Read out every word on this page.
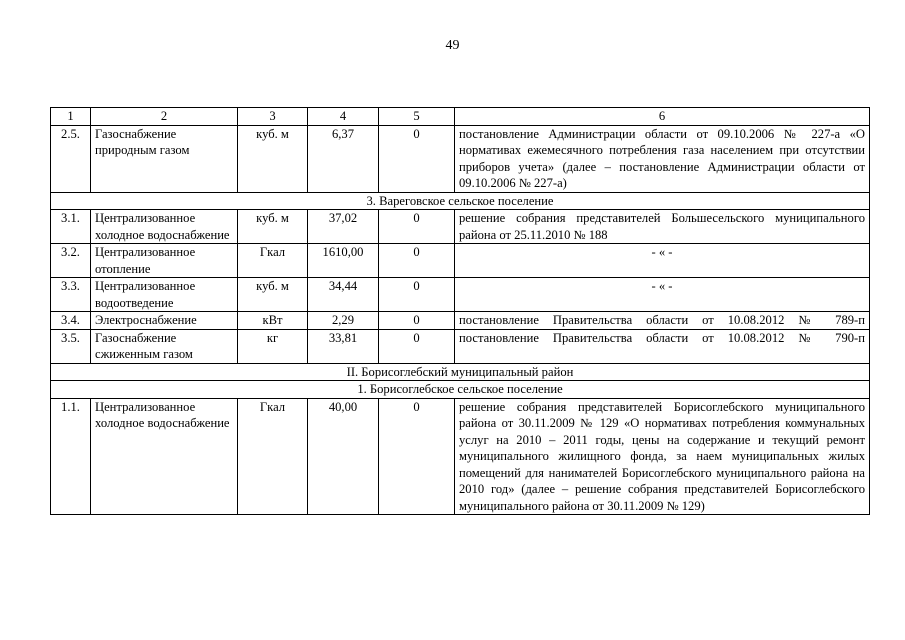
49
1	2	3	4	5	6
2.5.	Газоснабжение природным газом	куб. м	6,37	0	постановление Администрации области от 09.10.2006 № 227-а «О нормативах ежемесячного потребления газа населением при отсутствии приборов учета» (далее – постановление Администрации области от 09.10.2006 № 227-а)
3. Вареговское сельское поселение					
3.1.	Централизованное холодное водоснабжение	куб. м	37,02	0	решение собрания представителей Большесельского муниципального района от 25.11.2010 № 188
3.2.	Централизованное отопление	Гкал	1610,00	0	- « -
3.3.	Централизованное водоотведение	куб. м	34,44	0	- « -
3.4.	Электроснабжение	кВт	2,29	0	постановление Правительства области от 10.08.2012 № 789-п
3.5.	Газоснабжение сжиженным газом	кг	33,81	0	постановление Правительства области от 10.08.2012 № 790-п
II. Борисоглебский муниципальный район					
1. Борисоглебское сельское поселение					
1.1.	Централизованное холодное водоснабжение	Гкал	40,00	0	решение собрания представителей Борисоглебского муниципального района от 30.11.2009 № 129 «О нормативах потребления коммунальных услуг на 2010 – 2011 годы, цены на содержание и текущий ремонт муниципального жилищного фонда, за наем муниципальных жилых помещений для нанимателей Борисоглебского муниципального района на 2010 год» (далее – решение собрания представителей Борисоглебского муниципального района от 30.11.2009 № 129)
